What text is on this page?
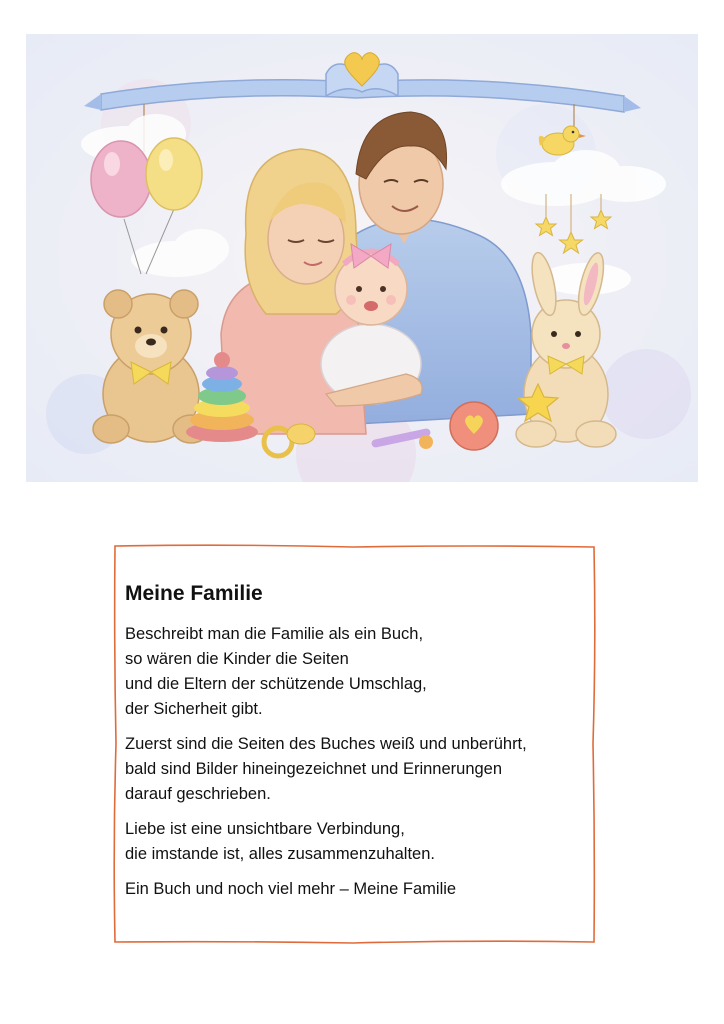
Meine Familie
Beschreibt man die Familie als ein Buch,
so wären die Kinder die Seiten
und die Eltern der schützende Umschlag,
der Sicherheit gibt.
Zuerst sind die Seiten des Buches weiß und unberührt,
bald sind Bilder hineingezeichnet und Erinnerungen
darauf geschrieben.
Liebe ist eine unsichtbare Verbindung,
die imstande ist, alles zusammenzuhalten.
Ein Buch und noch viel mehr – Meine Familie
